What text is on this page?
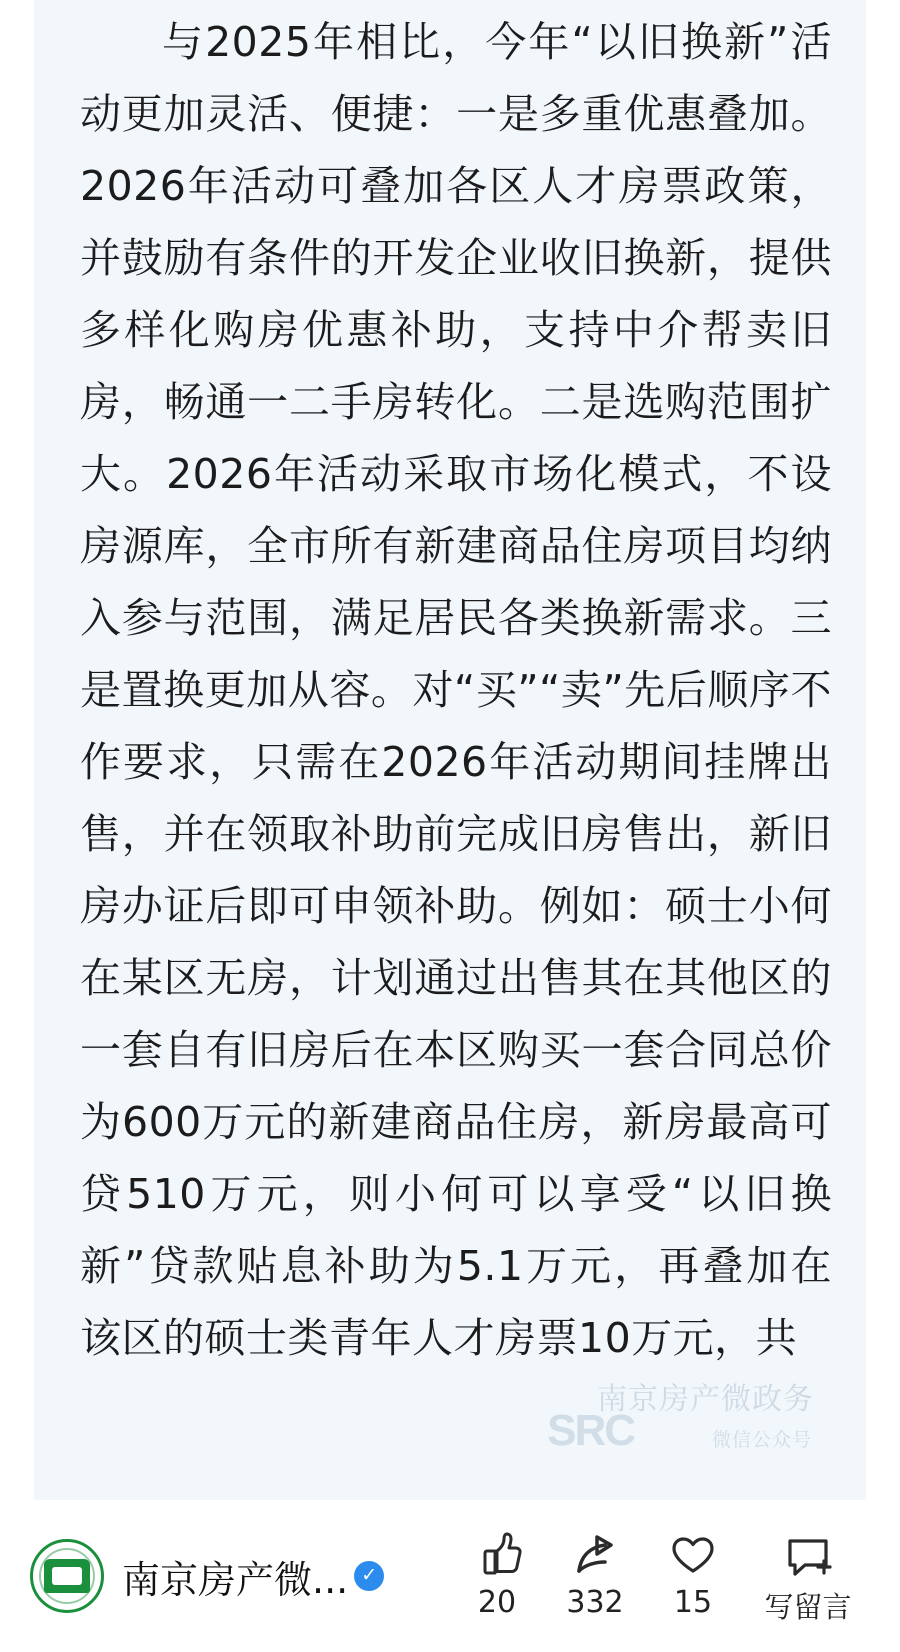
与2025年相比，今年“以旧换新”活动更加灵活、便捷：一是多重优惠叠加。2026年活动可叠加各区人才房票政策，并鼓励有条件的开发企业收旧换新，提供多样化购房优惠补助，支持中介帮卖旧房，畅通一二手房转化。二是选购范围扩大。2026年活动采取市场化模式，不设房源库，全市所有新建商品住房项目均纳入参与范围，满足居民各类换新需求。三是置换更加从容。对“买”“卖”先后顺序不作要求，只需在2026年活动期间挂牌出售，并在领取补助前完成旧房售出，新旧房办证后即可申领补助。例如：硕士小何在某区无房，计划通过出售其在其他区的一套自有旧房后在本区购买一套合同总价为600万元的新建商品住房，新房最高可贷510万元，则小何可以享受“以旧换新”贷款贴息补助为5.1万元，再叠加在该区的硕士类青年人才房票10万元，共

SRC
南京房产微政务
微信公众号
南京房产微... ✓
20 332 15 写留言
